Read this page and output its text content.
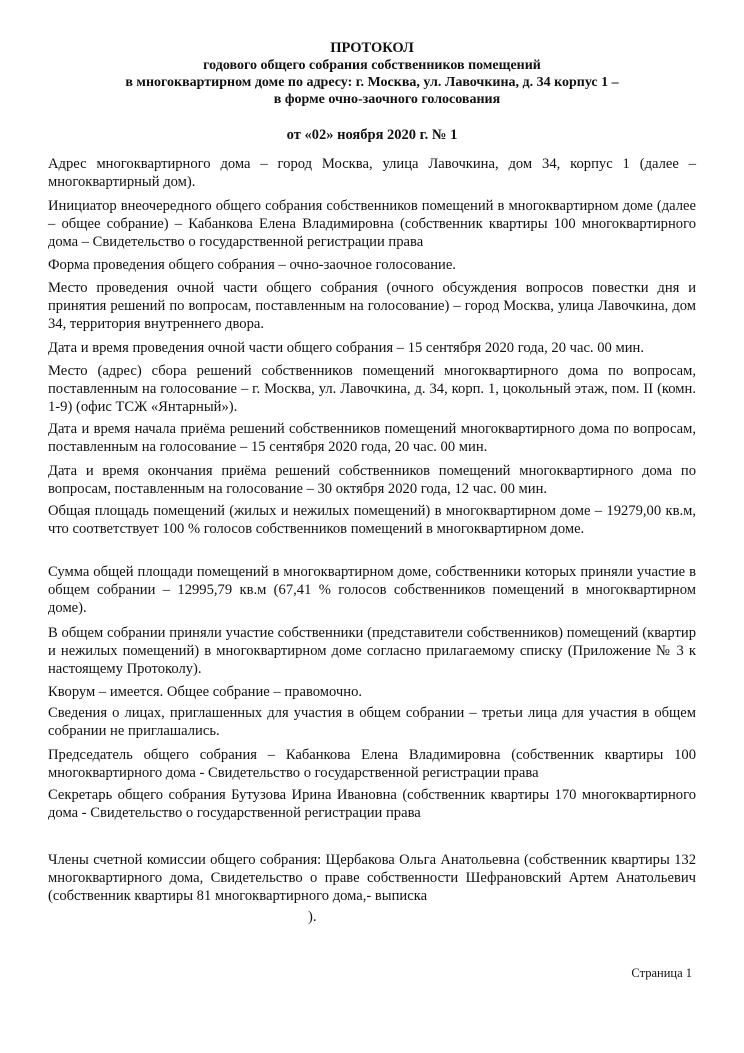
ПРОТОКОЛ
годового общего собрания собственников помещений
в многоквартирном доме по адресу: г. Москва, ул. Лавочкина, д. 34 корпус 1 –
в форме очно-заочного голосования
от «02» ноября 2020 г. № 1

Адрес многоквартирного дома – город Москва, улица Лавочкина, дом 34, корпус 1 (далее – многоквартирный дом).

Инициатор внеочередного общего собрания собственников помещений в многоквартирном доме (далее – общее собрание) – Кабанкова Елена Владимировна (собственник квартиры 100 многоквартирного дома – Свидетельство о государственной регистрации права

Форма проведения общего собрания – очно-заочное голосование.

Место проведения очной части общего собрания (очного обсуждения вопросов повестки дня и принятия решений по вопросам, поставленным на голосование) – город Москва, улица Лавочкина, дом 34, территория внутреннего двора.

Дата и время проведения очной части общего собрания – 15 сентября 2020 года, 20 час. 00 мин.

Место (адрес) сбора решений собственников помещений многоквартирного дома по вопросам, поставленным на голосование – г. Москва, ул. Лавочкина, д. 34, корп. 1, цокольный этаж, пом. II (комн. 1-9) (офис ТСЖ «Янтарный»).

Дата и время начала приёма решений собственников помещений многоквартирного дома по вопросам, поставленным на голосование – 15 сентября 2020 года, 20 час. 00 мин.

Дата и время окончания приёма решений собственников помещений многоквартирного дома по вопросам, поставленным на голосование – 30 октября 2020 года, 12 час. 00 мин.

Общая площадь помещений (жилых и нежилых помещений) в многоквартирном доме – 19279,00 кв.м, что соответствует 100 % голосов собственников помещений в многоквартирном доме.

Сумма общей площади помещений в многоквартирном доме, собственники которых приняли участие в общем собрании – 12995,79 кв.м (67,41 % голосов собственников помещений в многоквартирном доме).

В общем собрании приняли участие собственники (представители собственников) помещений (квартир и нежилых помещений) в многоквартирном доме согласно прилагаемому списку (Приложение № 3 к настоящему Протоколу).

Кворум – имеется. Общее собрание – правомочно.

Сведения о лицах, приглашенных для участия в общем собрании – третьи лица для участия в общем собрании не приглашались.

Председатель общего собрания – Кабанкова Елена Владимировна (собственник квартиры 100 многоквартирного дома - Свидетельство о государственной регистрации права

Секретарь общего собрания Бутузова Ирина Ивановна (собственник квартиры 170 многоквартирного дома - Свидетельство о государственной регистрации права

Члены счетной комиссии общего собрания: Щербакова Ольга Анатольевна (собственник квартиры 132 многоквартирного дома, Свидетельство о праве собственности Шефрановский Артем Анатольевич (собственник квартиры 81 многоквартирного дома,- выписка

).

Страница 1
